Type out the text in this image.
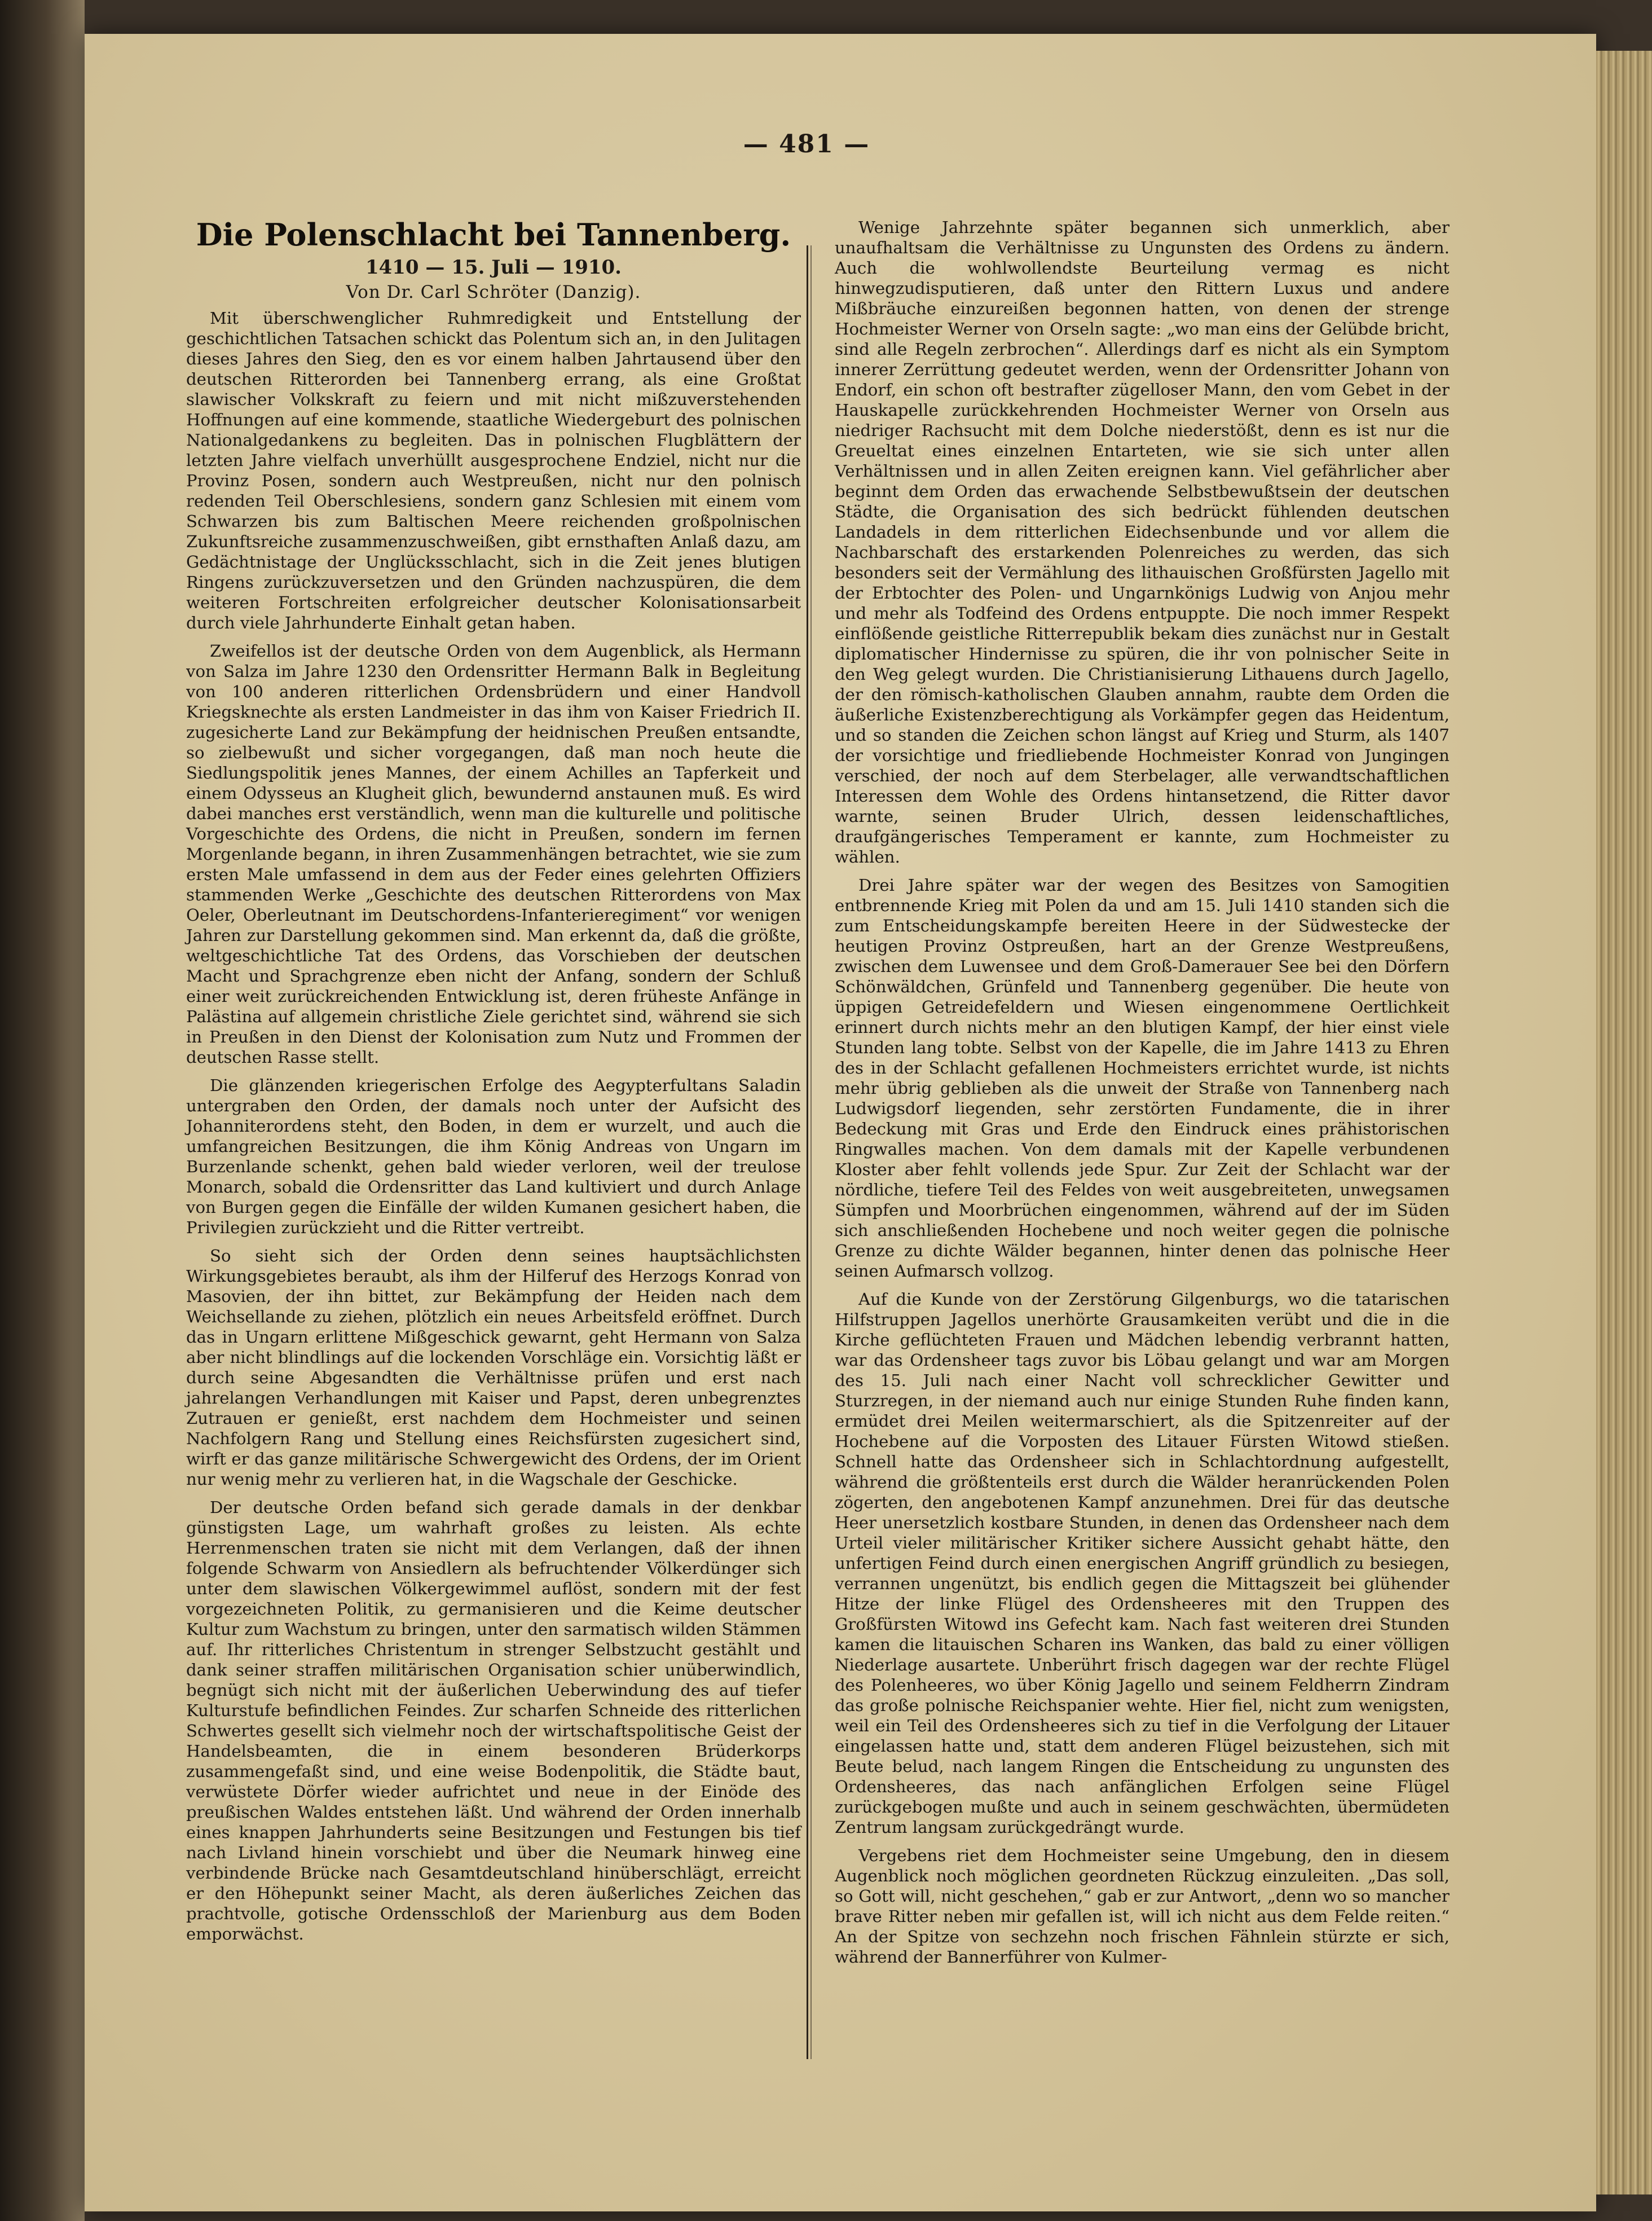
— 481 —
Die Polenschlacht bei Tannenberg.

1410 — 15. Juli — 1910.

Von Dr. Carl Schröter (Danzig).

Mit überschwenglicher Ruhmredigkeit und Entstellung der geschichtlichen Tatsachen schickt das Polentum sich an, in den Julitagen dieses Jahres den Sieg, den es vor einem halben Jahrtausend über den deutschen Ritterorden bei Tannenberg errang, als eine Großtat slawischer Volkskraft zu feiern und mit nicht mißzuverstehenden Hoffnungen auf eine kommende, staatliche Wiedergeburt des polnischen Nationalgedankens zu begleiten. Das in polnischen Flugblättern der letzten Jahre vielfach unverhüllt ausgesprochene Endziel, nicht nur die Provinz Posen, sondern auch Westpreußen, nicht nur den polnisch redenden Teil Oberschlesiens, sondern ganz Schlesien mit einem vom Schwarzen bis zum Baltischen Meere reichenden großpolnischen Zukunftsreiche zusammenzuschweißen, gibt ernsthaften Anlaß dazu, am Gedächtnistage der Unglücksschlacht, sich in die Zeit jenes blutigen Ringens zurückzuversetzen und den Gründen nachzuspüren, die dem weiteren Fortschreiten erfolgreicher deutscher Kolonisationsarbeit durch viele Jahrhunderte Einhalt getan haben.

Zweifellos ist der deutsche Orden von dem Augenblick, als Hermann von Salza im Jahre 1230 den Ordensritter Hermann Balk in Begleitung von 100 anderen ritterlichen Ordensbrüdern und einer Handvoll Kriegsknechte als ersten Landmeister in das ihm von Kaiser Friedrich II. zugesicherte Land zur Bekämpfung der heidnischen Preußen entsandte, so zielbewußt und sicher vorgegangen, daß man noch heute die Siedlungspolitik jenes Mannes, der einem Achilles an Tapferkeit und einem Odysseus an Klugheit glich, bewundernd anstaunen muß. Es wird dabei manches erst verständlich, wenn man die kulturelle und politische Vorgeschichte des Ordens, die nicht in Preußen, sondern im fernen Morgenlande begann, in ihren Zusammenhängen betrachtet, wie sie zum ersten Male umfassend in dem aus der Feder eines gelehrten Offiziers stammenden Werke „Geschichte des deutschen Ritterordens von Max Oeler, Oberleutnant im Deutschordens-Infanterieregiment“ vor wenigen Jahren zur Darstellung gekommen sind. Man erkennt da, daß die größte, weltgeschichtliche Tat des Ordens, das Vorschieben der deutschen Macht und Sprachgrenze eben nicht der Anfang, sondern der Schluß einer weit zurückreichenden Entwicklung ist, deren früheste Anfänge in Palästina auf allgemein christliche Ziele gerichtet sind, während sie sich in Preußen in den Dienst der Kolonisation zum Nutz und Frommen der deutschen Rasse stellt.

Die glänzenden kriegerischen Erfolge des Aegypterfultans Saladin untergraben den Orden, der damals noch unter der Aufsicht des Johanniterordens steht, den Boden, in dem er wurzelt, und auch die umfangreichen Besitzungen, die ihm König Andreas von Ungarn im Burzenlande schenkt, gehen bald wieder verloren, weil der treulose Monarch, sobald die Ordensritter das Land kultiviert und durch Anlage von Burgen gegen die Einfälle der wilden Kumanen gesichert haben, die Privilegien zurückzieht und die Ritter vertreibt.

So sieht sich der Orden denn seines hauptsächlichsten Wirkungsgebietes beraubt, als ihm der Hilferuf des Herzogs Konrad von Masovien, der ihn bittet, zur Bekämpfung der Heiden nach dem Weichsellande zu ziehen, plötzlich ein neues Arbeitsfeld eröffnet. Durch das in Ungarn erlittene Mißgeschick gewarnt, geht Hermann von Salza aber nicht blindlings auf die lockenden Vorschläge ein. Vorsichtig läßt er durch seine Abgesandten die Verhältnisse prüfen und erst nach jahrelangen Verhandlungen mit Kaiser und Papst, deren unbegrenztes Zutrauen er genießt, erst nachdem dem Hochmeister und seinen Nachfolgern Rang und Stellung eines Reichsfürsten zugesichert sind, wirft er das ganze militärische Schwergewicht des Ordens, der im Orient nur wenig mehr zu verlieren hat, in die Wagschale der Geschicke.

Der deutsche Orden befand sich gerade damals in der denkbar günstigsten Lage, um wahrhaft großes zu leisten. Als echte Herrenmenschen traten sie nicht mit dem Verlangen, daß der ihnen folgende Schwarm von Ansiedlern als befruchtender Völkerdünger sich unter dem slawischen Völkergewimmel auflöst, sondern mit der fest vorgezeichneten Politik, zu germanisieren und die Keime deutscher Kultur zum Wachstum zu bringen, unter den sarmatisch wilden Stämmen auf. Ihr ritterliches Christentum in strenger Selbstzucht gestählt und dank seiner straffen militärischen Organisation schier unüberwindlich, begnügt sich nicht mit der äußerlichen Ueberwindung des auf tiefer Kulturstufe befindlichen Feindes. Zur scharfen Schneide des ritterlichen Schwertes gesellt sich vielmehr noch der wirtschaftspolitische Geist der Handelsbeamten, die in einem besonderen Brüderkorps zusammengefaßt sind, und eine weise Bodenpolitik, die Städte baut, verwüstete Dörfer wieder aufrichtet und neue in der Einöde des preußischen Waldes entstehen läßt. Und während der Orden innerhalb eines knappen Jahrhunderts seine Besitzungen und Festungen bis tief nach Livland hinein vorschiebt und über die Neumark hinweg eine verbindende Brücke nach Gesamtdeutschland hinüberschlägt, erreicht er den Höhepunkt seiner Macht, als deren äußerliches Zeichen das prachtvolle, gotische Ordensschloß der Marienburg aus dem Boden emporwächst.

Wenige Jahrzehnte später begannen sich unmerklich, aber unaufhaltsam die Verhältnisse zu Ungunsten des Ordens zu ändern. Auch die wohlwollendste Beurteilung vermag es nicht hinwegzudisputieren, daß unter den Rittern Luxus und andere Mißbräuche einzureißen begonnen hatten, von denen der strenge Hochmeister Werner von Orseln sagte: „wo man eins der Gelübde bricht, sind alle Regeln zerbrochen“. Allerdings darf es nicht als ein Symptom innerer Zerrüttung gedeutet werden, wenn der Ordensritter Johann von Endorf, ein schon oft bestrafter zügelloser Mann, den vom Gebet in der Hauskapelle zurückkehrenden Hochmeister Werner von Orseln aus niedriger Rachsucht mit dem Dolche niederstößt, denn es ist nur die Greueltat eines einzelnen Entarteten, wie sie sich unter allen Verhältnissen und in allen Zeiten ereignen kann. Viel gefährlicher aber beginnt dem Orden das erwachende Selbstbewußtsein der deutschen Städte, die Organisation des sich bedrückt fühlenden deutschen Landadels in dem ritterlichen Eidechsenbunde und vor allem die Nachbarschaft des erstarkenden Polenreiches zu werden, das sich besonders seit der Vermählung des lithauischen Großfürsten Jagello mit der Erbtochter des Polen- und Ungarnkönigs Ludwig von Anjou mehr und mehr als Todfeind des Ordens entpuppte. Die noch immer Respekt einflößende geistliche Ritterrepublik bekam dies zunächst nur in Gestalt diplomatischer Hindernisse zu spüren, die ihr von polnischer Seite in den Weg gelegt wurden. Die Christianisierung Lithauens durch Jagello, der den römisch-katholischen Glauben annahm, raubte dem Orden die äußerliche Existenzberechtigung als Vorkämpfer gegen das Heidentum, und so standen die Zeichen schon längst auf Krieg und Sturm, als 1407 der vorsichtige und friedliebende Hochmeister Konrad von Jungingen verschied, der noch auf dem Sterbelager, alle verwandtschaftlichen Interessen dem Wohle des Ordens hintansetzend, die Ritter davor warnte, seinen Bruder Ulrich, dessen leidenschaftliches, draufgängerisches Temperament er kannte, zum Hochmeister zu wählen.

Drei Jahre später war der wegen des Besitzes von Samogitien entbrennende Krieg mit Polen da und am 15. Juli 1410 standen sich die zum Entscheidungskampfe bereiten Heere in der Südwestecke der heutigen Provinz Ostpreußen, hart an der Grenze Westpreußens, zwischen dem Luwensee und dem Groß-Damerauer See bei den Dörfern Schönwäldchen, Grünfeld und Tannenberg gegenüber. Die heute von üppigen Getreidefeldern und Wiesen eingenommene Oertlichkeit erinnert durch nichts mehr an den blutigen Kampf, der hier einst viele Stunden lang tobte. Selbst von der Kapelle, die im Jahre 1413 zu Ehren des in der Schlacht gefallenen Hochmeisters errichtet wurde, ist nichts mehr übrig geblieben als die unweit der Straße von Tannenberg nach Ludwigsdorf liegenden, sehr zerstörten Fundamente, die in ihrer Bedeckung mit Gras und Erde den Eindruck eines prähistorischen Ringwalles machen. Von dem damals mit der Kapelle verbundenen Kloster aber fehlt vollends jede Spur. Zur Zeit der Schlacht war der nördliche, tiefere Teil des Feldes von weit ausgebreiteten, unwegsamen Sümpfen und Moorbrüchen eingenommen, während auf der im Süden sich anschließenden Hochebene und noch weiter gegen die polnische Grenze zu dichte Wälder begannen, hinter denen das polnische Heer seinen Aufmarsch vollzog.

Auf die Kunde von der Zerstörung Gilgenburgs, wo die tatarischen Hilfstruppen Jagellos unerhörte Grausamkeiten verübt und die in die Kirche geflüchteten Frauen und Mädchen lebendig verbrannt hatten, war das Ordensheer tags zuvor bis Löbau gelangt und war am Morgen des 15. Juli nach einer Nacht voll schrecklicher Gewitter und Sturzregen, in der niemand auch nur einige Stunden Ruhe finden kann, ermüdet drei Meilen weitermarschiert, als die Spitzenreiter auf der Hochebene auf die Vorposten des Litauer Fürsten Witowd stießen. Schnell hatte das Ordensheer sich in Schlachtordnung aufgestellt, während die größtenteils erst durch die Wälder heranrückenden Polen zögerten, den angebotenen Kampf anzunehmen. Drei für das deutsche Heer unersetzlich kostbare Stunden, in denen das Ordensheer nach dem Urteil vieler militärischer Kritiker sichere Aussicht gehabt hätte, den unfertigen Feind durch einen energischen Angriff gründlich zu besiegen, verrannen ungenützt, bis endlich gegen die Mittagszeit bei glühender Hitze der linke Flügel des Ordensheeres mit den Truppen des Großfürsten Witowd ins Gefecht kam. Nach fast weiteren drei Stunden kamen die litauischen Scharen ins Wanken, das bald zu einer völligen Niederlage ausartete. Unberührt frisch dagegen war der rechte Flügel des Polenheeres, wo über König Jagello und seinem Feldherrn Zindram das große polnische Reichspanier wehte. Hier fiel, nicht zum wenigsten, weil ein Teil des Ordensheeres sich zu tief in die Verfolgung der Litauer eingelassen hatte und, statt dem anderen Flügel beizustehen, sich mit Beute belud, nach langem Ringen die Entscheidung zu ungunsten des Ordensheeres, das nach anfänglichen Erfolgen seine Flügel zurückgebogen mußte und auch in seinem geschwächten, übermüdeten Zentrum langsam zurückgedrängt wurde.

Vergebens riet dem Hochmeister seine Umgebung, den in diesem Augenblick noch möglichen geordneten Rückzug einzuleiten. „Das soll, so Gott will, nicht geschehen,“ gab er zur Antwort, „denn wo so mancher brave Ritter neben mir gefallen ist, will ich nicht aus dem Felde reiten.“ An der Spitze von sechzehn noch frischen Fähnlein stürzte er sich, während der Bannerführer von Kulmer-
